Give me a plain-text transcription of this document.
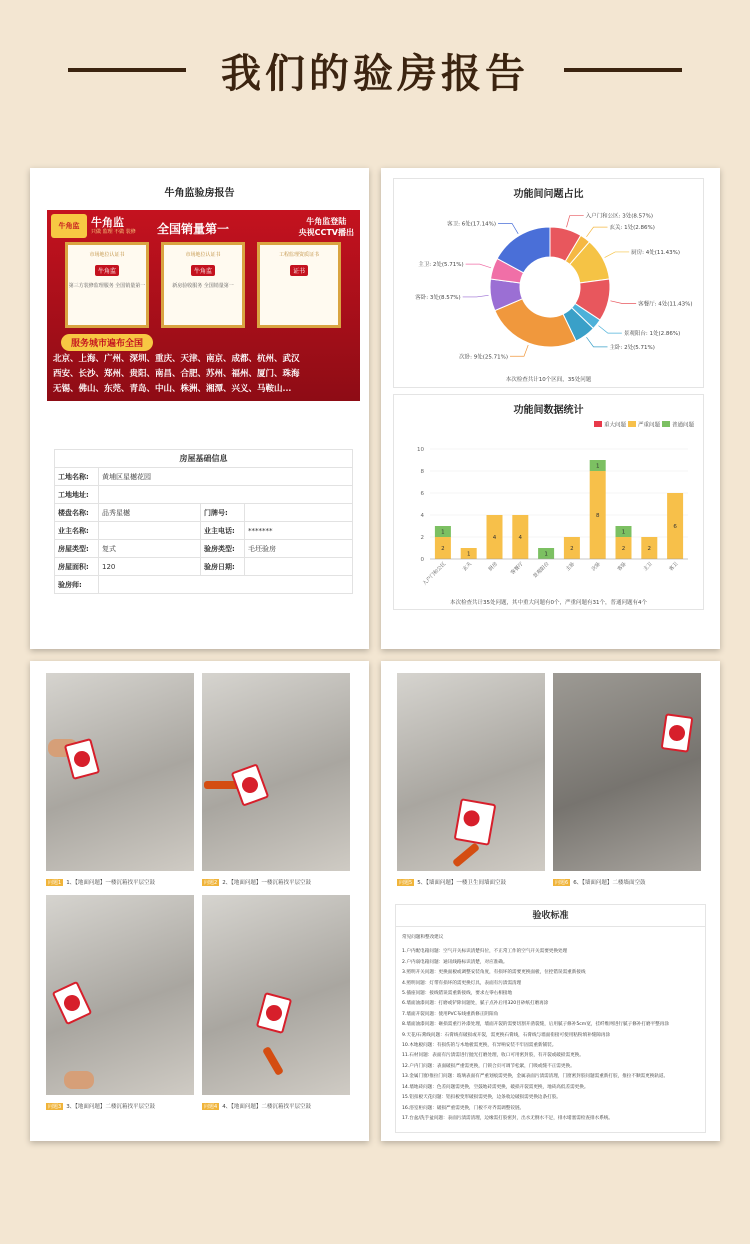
我们的验房报告
牛角监验房报告
牛角监	牛角监
只做 监理 不做 装修 全国销量第一
牛角监登陆
央视CCTV播出
市场地位认证书
牛角监
第三方装修监理服务 全国销量第一
市场地位认证书
牛角监
新房验收服务 全国销量第一
工程监理资质证书
证书
服务城市遍布全国
北京、上海、广州、深圳、重庆、天津、南京、成都、杭州、武汉
西安、长沙、郑州、贵阳、南昌、合肥、苏州、福州、厦门、珠海
无锡、佛山、东莞、青岛、中山、株洲、湘潭、兴义、马鞍山...
房屋基础信息			
工地名称:	黄埔区星樾花园		
工地地址:			
楼盘名称:	品秀星樾	门牌号:	
业主名称:		业主电话:	*******
房屋类型:	复式	验房类型:	毛坯验房
房屋面积:	120	验房日期:	
验房师:			
功能间问题占比
入户门和公区: 3处(8.57%)
玄关: 1处(2.86%)
厨房: 4处(11.43%)
客餐厅: 4处(11.43%)
景观阳台: 1处(2.86%)
主卧: 2处(5.71%)
次卧: 9处(25.71%)
客卧: 3处(8.57%)
主卫: 2处(5.71%)
客卫: 6处(17.14%)
本次检查共计10个区间，35处问题
功能间数据统计
重大问题 严重问题 普通问题
0
2
4
6
8
10
2
1
入户门和公区
1
玄关
4
厨房
4
客餐厅
1
景观阳台
2
主卧
8
1
次卧
2
1
客卧
2
主卫
6
客卫
本次检查共计35处问题，其中重大问题有0个，严重问题有31个，普通问题有4个
问题1 1、【地面问题】一楼沉箱找平层空鼓	问题2 2、【地面问题】一楼沉箱找平层空鼓
问题3 3、【地面问题】二楼沉箱找平层空鼓	问题4 4、【地面问题】二楼沉箱找平层空鼓
问题5 5、【墙面问题】一楼卫生间墙面空鼓	问题6 6、【墙面问题】二楼墙面空鼓
验收标准

常见问题和整改建议

1.户内配电箱问题：空气开关标识清楚归位，不正常工作的空气开关需要更换处理

2.户内弱电箱问题：通讯线路标识清楚，对应准确。

3.照明开关问题：更换面板或调整安装角度，有损坏的需要更换面板，位控错误需重新接线

4.照明问题：灯带有损坏的需更换灯具，表面有污渍需清理

5.插座问题：接线错误需重新接线，要求左零右相接地

6.墙面油漆问题：打磨或铲除问题处，腻子点补后用320目砂纸打磨再涂

7.墙面开裂问题：使用PVC布线重新修正阴阳角

8.墙面油漆问题：砸损需重行补漆处理，墙面开裂的需要切割开凿裂缝，后用腻子修补5cm宽，挂纤维网进行腻子修补打磨平整再涂

9.天花/石膏线问题：石膏线有破损或开裂，需更换石膏线，石膏线与墙面衔接可使用粘粉填补缝隙再涂

10.木地板问题：有损伤的与木地板需更换，有异响安装不牢固需重新铺装。

11.石材问题：表面有污渍需进行抛光打磨处理，收口可用密封胶，有开裂或破损需更换。

12.户内门问题：表面破损严重需更换，门锁合页可调节松紧，门吸或缝不正需更换。

13.金属门窗/推拉门问题：玻璃表面有严重划痕需更换，金属表面污渍需清理，门窗密封胶问题需重新打胶，推拉不顺需更换轨道。

14.墙地砖问题：色差问题需更换，空鼓地砖需更换，破损开裂需更换，地砖高低差需更换。

15.铝扣板天花问题：铝扣板变形破损需更换，边条收边破损需更换边条打胶。

16.浴室柜问题：破损严重需更换，门板不对齐需调整铰链。

17.台盆/洗手盆问题：表面污渍需清理，边缘需打胶密封，出水无倒水不足，排水堵塞需检查排水系统。
